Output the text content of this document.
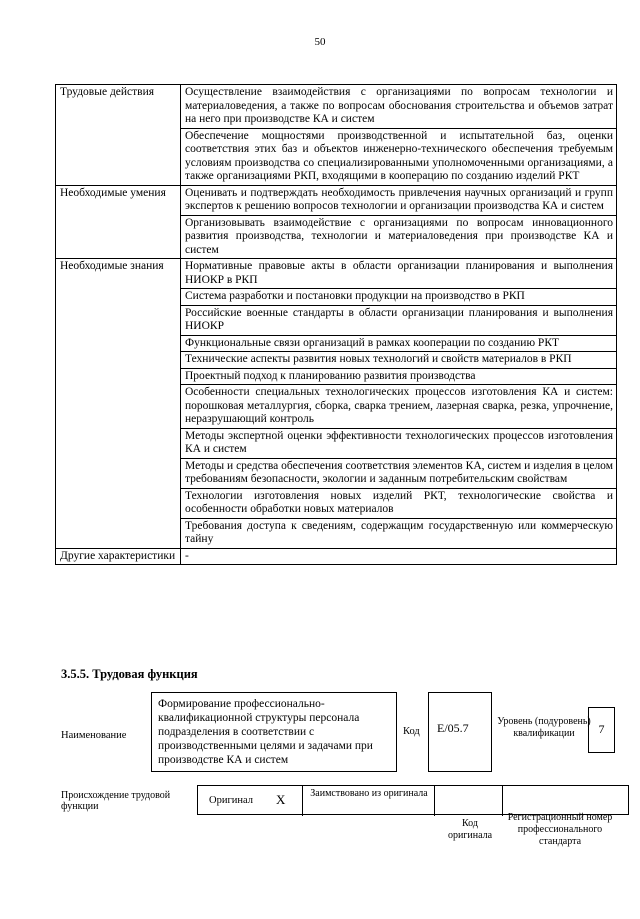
50
Трудовые действия	Осуществление взаимодействия с организациями по вопросам технологии и материаловедения, а также по вопросам обоснования строительства и объемов затрат на него при производстве КА и систем
	Обеспечение мощностями производственной и испытательной баз, оценки соответствия этих баз и объектов инженерно-технического обеспечения требуемым условиям производства со специализированными уполномоченными организациями, а также организациями РКП, входящими в кооперацию по созданию изделий РКТ
Необходимые умения	Оценивать и подтверждать необходимость привлечения научных организаций и групп экспертов к решению вопросов технологии и организации производства КА и систем
	Организовывать взаимодействие с организациями по вопросам инновационного развития производства, технологии и материаловедения при производстве КА и систем
Необходимые знания	Нормативные правовые акты в области организации планирования и выполнения НИОКР в РКП
	Система разработки и постановки продукции на производство в РКП
	Российские военные стандарты в области организации планирования и выполнения НИОКР
	Функциональные связи организаций в рамках кооперации по созданию РКТ
	Технические аспекты развития новых технологий и свойств материалов в РКП
	Проектный подход к планированию развития производства
	Особенности специальных технологических процессов изготовления КА и систем: порошковая металлургия, сборка, сварка трением, лазерная сварка, резка, упрочнение, неразрушающий контроль
	Методы экспертной оценки эффективности технологических процессов изготовления КА и систем
	Методы и средства обеспечения соответствия элементов КА, систем и изделия в целом требованиям безопасности, экологии и заданным потребительским свойствам
	Технологии изготовления новых изделий РКТ, технологические свойства и особенности обработки новых материалов
	Требования доступа к сведениям, содержащим государственную или коммерческую тайну
Другие характеристики	-
3.5.5. Трудовая функция
Наименование
Формирование профессионально-квалификационной структуры персонала подразделения в соответствии с производственными целями и задачами при производстве КА и систем
Код	E/05.7	Уровень (подуровень) квалификации	7
Происхождение трудовой функции
Оригинал X Заимствовано из оригинала
Код оригинала
Регистрационный номер профессионального стандарта
